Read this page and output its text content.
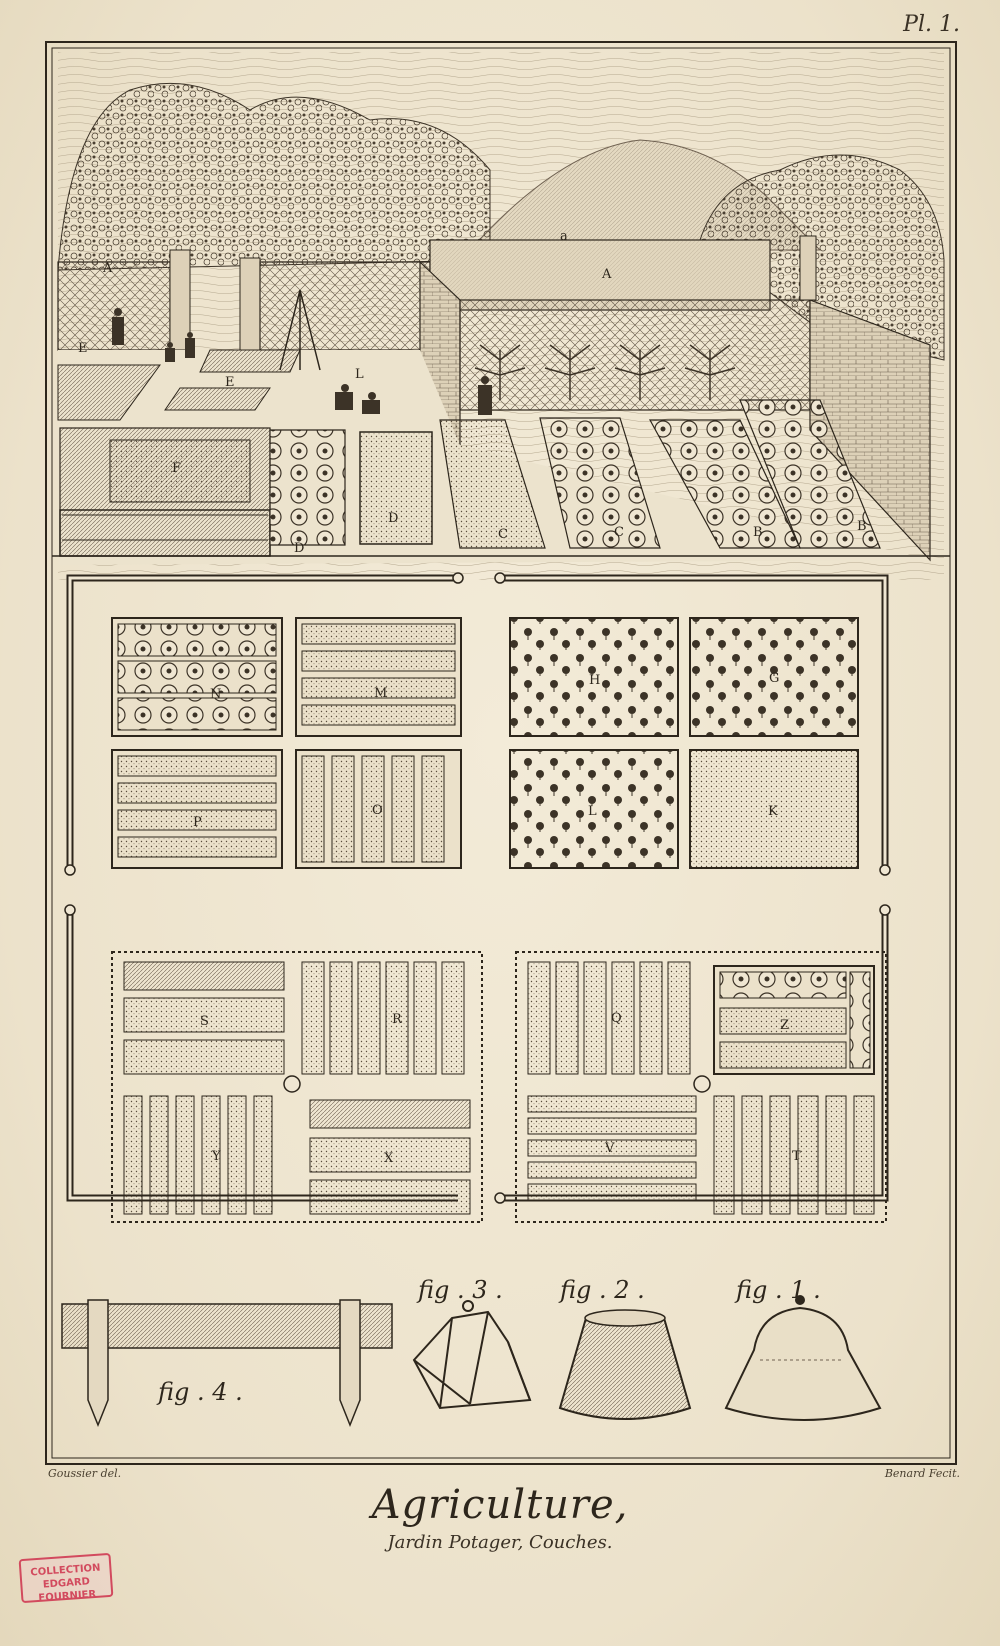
Pl. 1.
A	A
a
E
E
F
L
D
D
C	C	B	B
N	M
H	G
P
O	L	K
S	R	Q	Z
Y	X
V
T
fig . 4 .
fig . 3 . fig . 2 .	fig . 1 .
Goussier del.	Benard Fecit.
Agriculture,
Jardin Potager, Couches.
COLLECTION
EDGARD FOURNIER
